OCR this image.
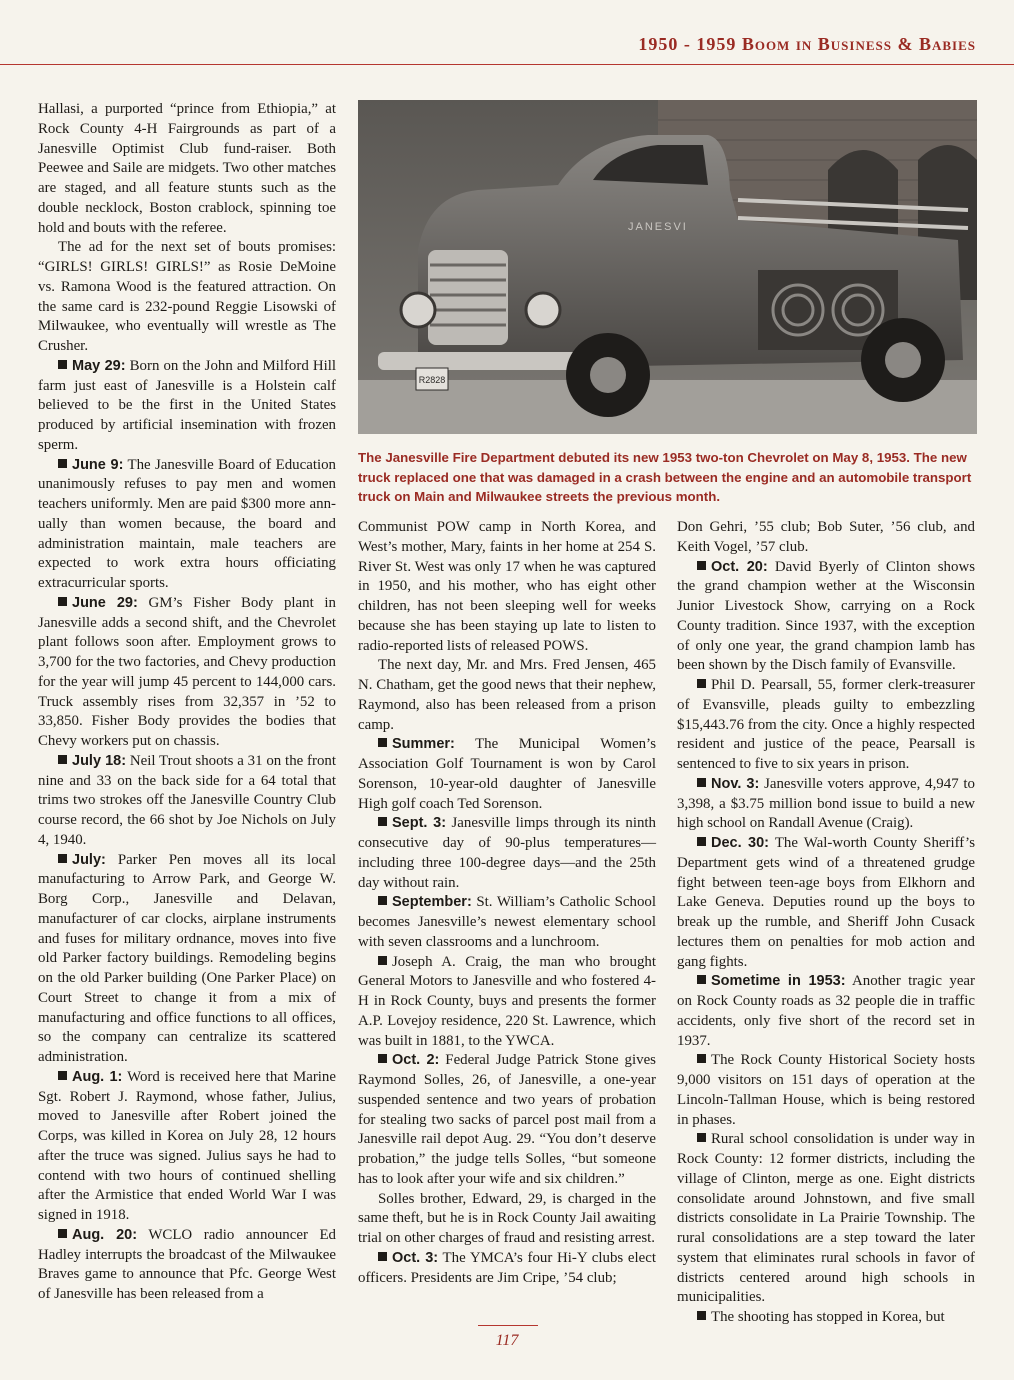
1950 - 1959 Boom in Business & Babies

Hallasi, a purported “prince from Ethiopia,” at Rock County 4-H Fairgrounds as part of a Janesville Optimist Club fund-raiser. Both Peewee and Saile are midgets. Two other matches are staged, and all feature stunts such as the double necklock, Boston crablock, spinning toe hold and bouts with the referee.

The ad for the next set of bouts promises: “GIRLS! GIRLS! GIRLS!” as Rosie DeMoine vs. Ramona Wood is the featured attraction. On the same card is 232-pound Reggie Lisowski of Milwaukee, who eventually will wrestle as The Crusher.

May 29: Born on the John and Milford Hill farm just east of Janesville is a Holstein calf believed to be the first in the United States produced by artificial insemination with frozen sperm.

June 9: The Janesville Board of Education unanimously refuses to pay men and women teachers uniformly. Men are paid $300 more ann-ually than women because, the board and administration maintain, male teachers are expected to work extra hours officiating extracurricular sports.

June 29: GM’s Fisher Body plant in Janesville adds a second shift, and the Chevrolet plant follows soon after. Employment grows to 3,700 for the two factories, and Chevy production for the year will jump 45 percent to 144,000 cars. Truck assembly rises from 32,357 in ’52 to 33,850. Fisher Body provides the bodies that Chevy workers put on chassis.

July 18: Neil Trout shoots a 31 on the front nine and 33 on the back side for a 64 total that trims two strokes off the Janesville Country Club course record, the 66 shot by Joe Nichols on July 4, 1940.

July: Parker Pen moves all its local manufacturing to Arrow Park, and George W. Borg Corp., Janesville and Delavan, manufacturer of car clocks, airplane instruments and fuses for military ordnance, moves into five old Parker factory buildings. Remodeling begins on the old Parker building (One Parker Place) on Court Street to change it from a mix of manufacturing and office functions to all offices, so the company can centralize its scattered administration.

Aug. 1: Word is received here that Marine Sgt. Robert J. Raymond, whose father, Julius, moved to Janesville after Robert joined the Corps, was killed in Korea on July 28, 12 hours after the truce was signed. Julius says he had to contend with two hours of continued shelling after the Armistice that ended World War I was signed in 1918.

Aug. 20: WCLO radio announcer Ed Hadley interrupts the broadcast of the Milwaukee Braves game to announce that Pfc. George West of Janesville has been released from a

R2828
JANESVI
The Janesville Fire Department debuted its new 1953 two-ton Chevrolet on May 8, 1953. The new truck replaced one that was damaged in a crash between the engine and an automobile transport truck on Main and Milwaukee streets the previous month.

Communist POW camp in North Korea, and West’s mother, Mary, faints in her home at 254 S. River St. West was only 17 when he was captured in 1950, and his mother, who has eight other children, has not been sleeping well for weeks because she has been staying up late to listen to radio-reported lists of released POWS.

The next day, Mr. and Mrs. Fred Jensen, 465 N. Chatham, get the good news that their nephew, Raymond, also has been released from a prison camp.

Summer: The Municipal Women’s Association Golf Tournament is won by Carol Sorenson, 10-year-old daughter of Janesville High golf coach Ted Sorenson.

Sept. 3: Janesville limps through its ninth consecutive day of 90-plus temperatures—including three 100-degree days—and the 25th day without rain.

September: St. William’s Catholic School becomes Janesville’s newest elementary school with seven classrooms and a lunchroom.

Joseph A. Craig, the man who brought General Motors to Janesville and who fostered 4-H in Rock County, buys and presents the former A.P. Lovejoy residence, 220 St. Lawrence, which was built in 1881, to the YWCA.

Oct. 2: Federal Judge Patrick Stone gives Raymond Solles, 26, of Janesville, a one-year suspended sentence and two years of probation for stealing two sacks of parcel post mail from a Janesville rail depot Aug. 29. “You don’t deserve probation,” the judge tells Solles, “but someone has to look after your wife and six children.”

Solles brother, Edward, 29, is charged in the same theft, but he is in Rock County Jail awaiting trial on other charges of fraud and resisting arrest.

Oct. 3: The YMCA’s four Hi-Y clubs elect officers. Presidents are Jim Cripe, ’54 club;

Don Gehri, ’55 club; Bob Suter, ’56 club, and Keith Vogel, ’57 club.

Oct. 20: David Byerly of Clinton shows the grand champion wether at the Wisconsin Junior Livestock Show, carrying on a Rock County tradition. Since 1937, with the exception of only one year, the grand champion lamb has been shown by the Disch family of Evansville.

Phil D. Pearsall, 55, former clerk-treasurer of Evansville, pleads guilty to embezzling $15,443.76 from the city. Once a highly respected resident and justice of the peace, Pearsall is sentenced to five to six years in prison.

Nov. 3: Janesville voters approve, 4,947 to 3,398, a $3.75 million bond issue to build a new high school on Randall Avenue (Craig).

Dec. 30: The Wal-worth County Sheriff’s Department gets wind of a threatened grudge fight between teen-age boys from Elkhorn and Lake Geneva. Deputies round up the boys to break up the rumble, and Sheriff John Cusack lectures them on penalties for mob action and gang fights.

Sometime in 1953: Another tragic year on Rock County roads as 32 people die in traffic accidents, only five short of the record set in 1937.

The Rock County Historical Society hosts 9,000 visitors on 151 days of operation at the Lincoln-Tallman House, which is being restored in phases.

Rural school consolidation is under way in Rock County: 12 former districts, including the village of Clinton, merge as one. Eight districts consolidate around Johnstown, and five small districts consolidate in La Prairie Township. The rural consolidations are a step toward the later system that eliminates rural schools in favor of districts centered around high schools in municipalities.

The shooting has stopped in Korea, but

117
